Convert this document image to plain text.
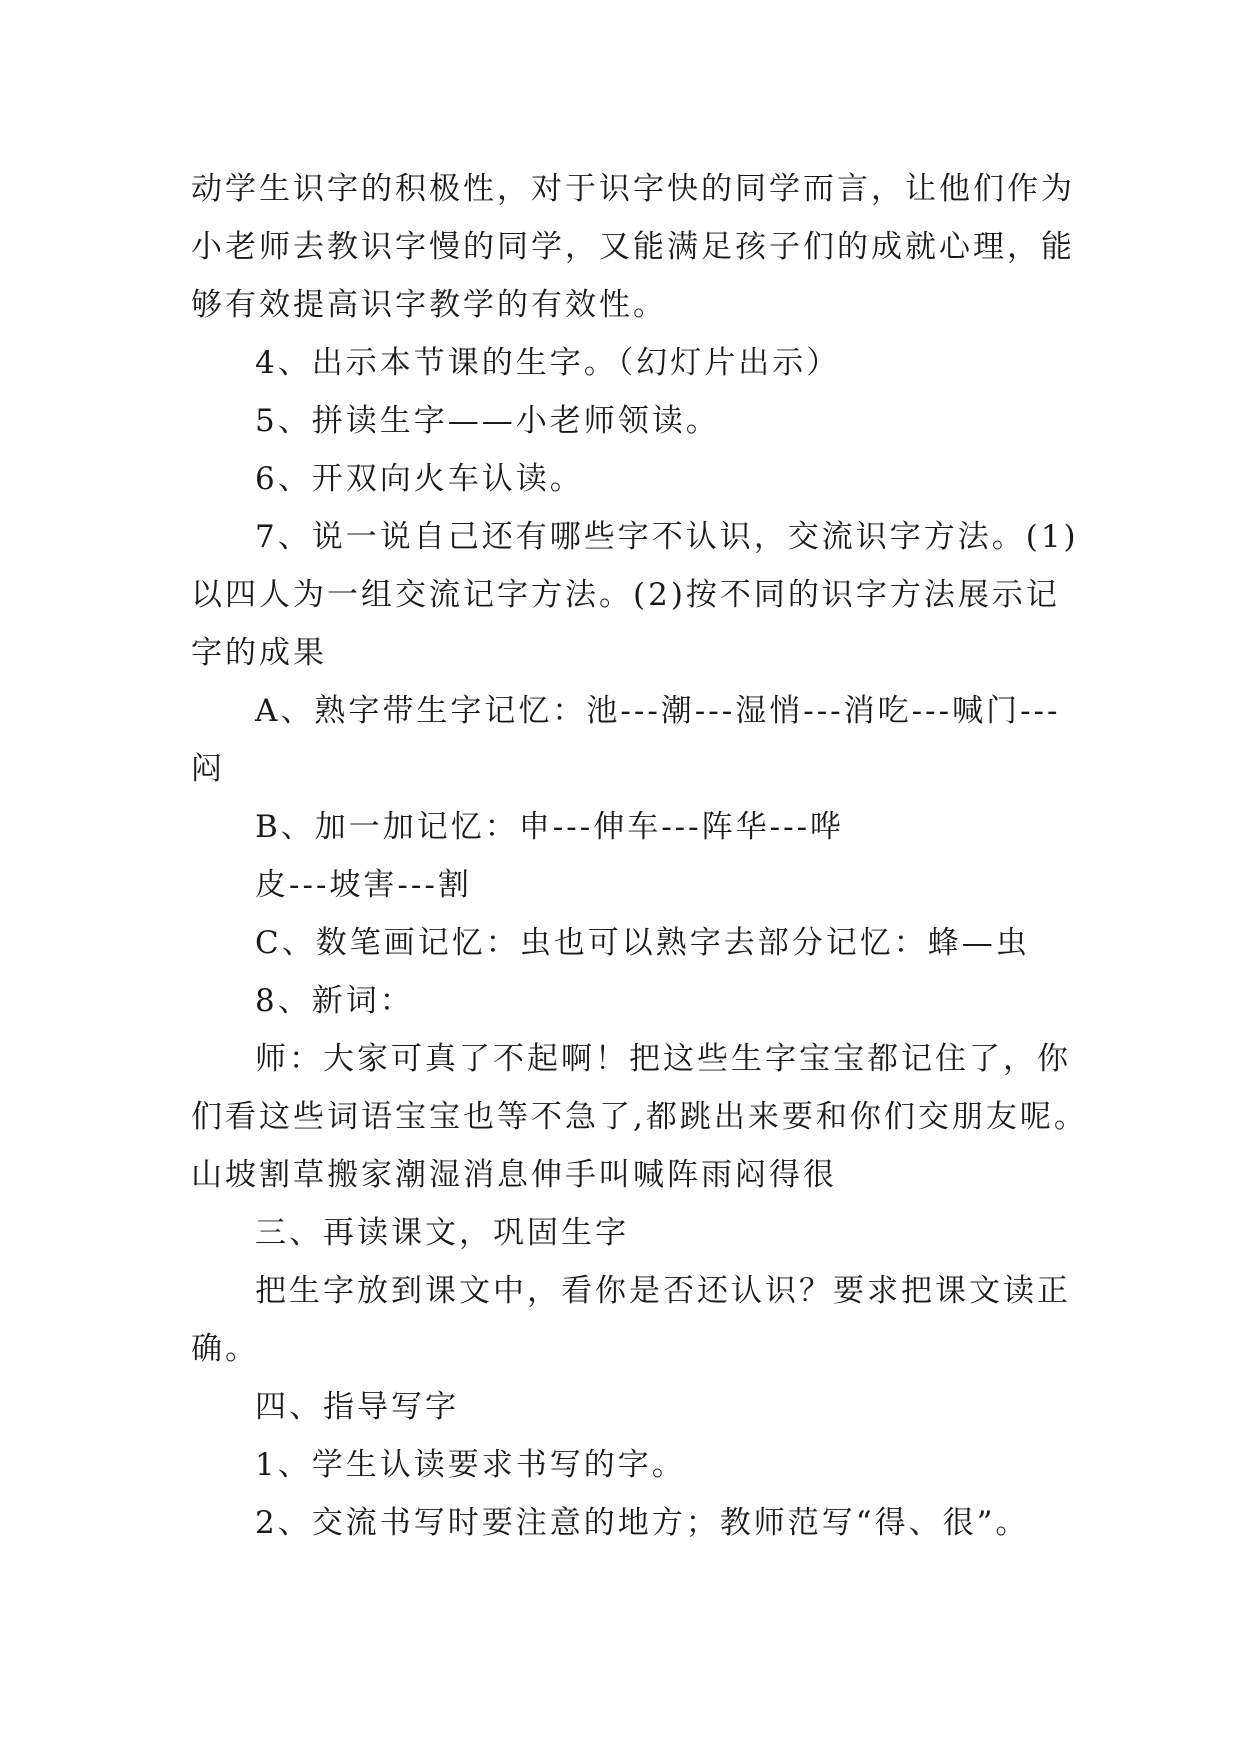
动学生识字的积极性，对于识字快的同学而言，让他们作为
小老师去教识字慢的同学，又能满足孩子们的成就心理，能
够有效提高识字教学的有效性。
4、出示本节课的生字。（幻灯片出示）
5、拼读生字——小老师领读。
6、开双向火车认读。
7、说一说自己还有哪些字不认识，交流识字方法。(1)
以四人为一组交流记字方法。(2)按不同的识字方法展示记
字的成果
A、熟字带生字记忆：池---潮---湿悄---消吃---喊门---
闷
B、加一加记忆：申---伸车---阵华---哗
皮---坡害---割
C、数笔画记忆：虫也可以熟字去部分记忆：蜂—虫
8、新词：
师：大家可真了不起啊！把这些生字宝宝都记住了，你
们看这些词语宝宝也等不急了,都跳出来要和你们交朋友呢。
山坡割草搬家潮湿消息伸手叫喊阵雨闷得很
三、再读课文，巩固生字
把生字放到课文中，看你是否还认识？要求把课文读正
确。
四、指导写字
1、学生认读要求书写的字。
2、交流书写时要注意的地方；教师范写“得、很”。
